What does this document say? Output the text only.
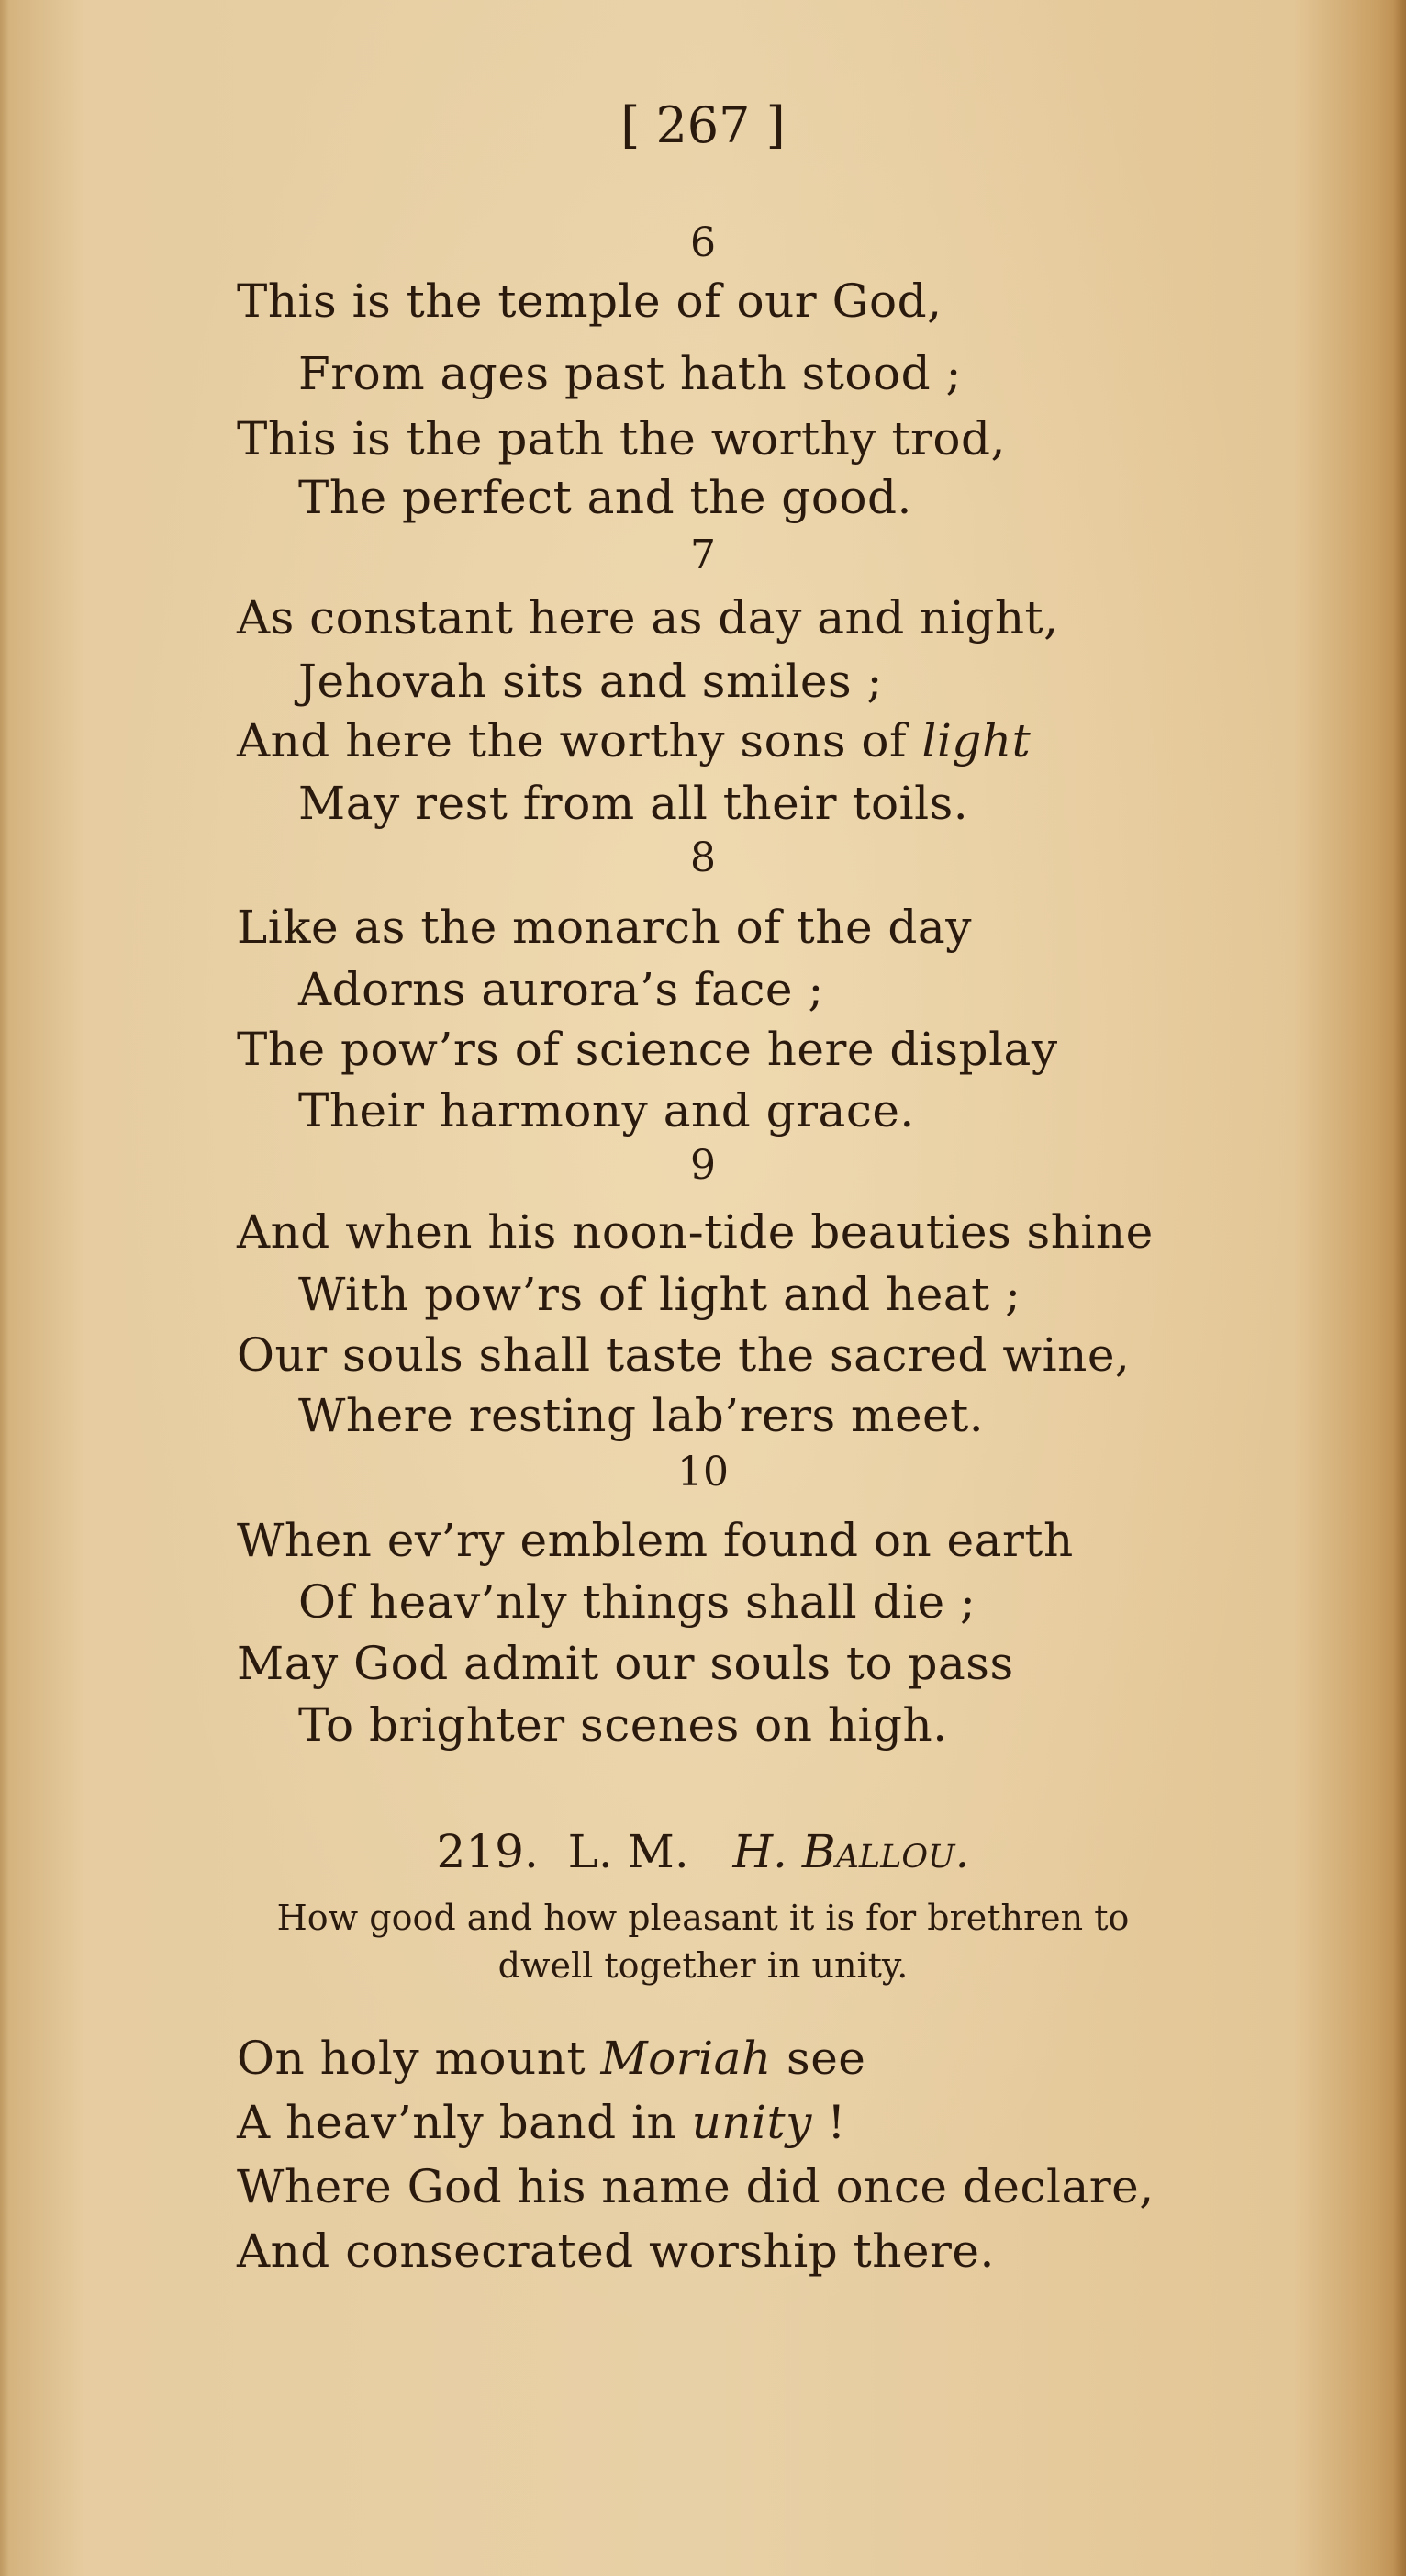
[ 267 ]
6
This is the temple of our God,
From ages past hath stood ;
This is the path the worthy trod,
The perfect and the good.
7
As constant here as day and night,
Jehovah sits and smiles ;
And here the worthy sons of light
May rest from all their toils.
8
Like as the monarch of the day
Adorns aurora’s face ;
The pow’rs of science here display
Their harmony and grace.
9
And when his noon-tide beauties shine
With pow’rs of light and heat ;
Our souls shall taste the sacred wine,
Where resting lab’rers meet.
10
When ev’ry emblem found on earth
Of heav’nly things shall die ;
May God admit our souls to pass
To brighter scenes on high.
219. L. M. H. Ballou.
How good and how pleasant it is for brethren to
dwell together in unity.
On holy mount Moriah see
A heav’nly band in unity !
Where God his name did once declare,
And consecrated worship there.
